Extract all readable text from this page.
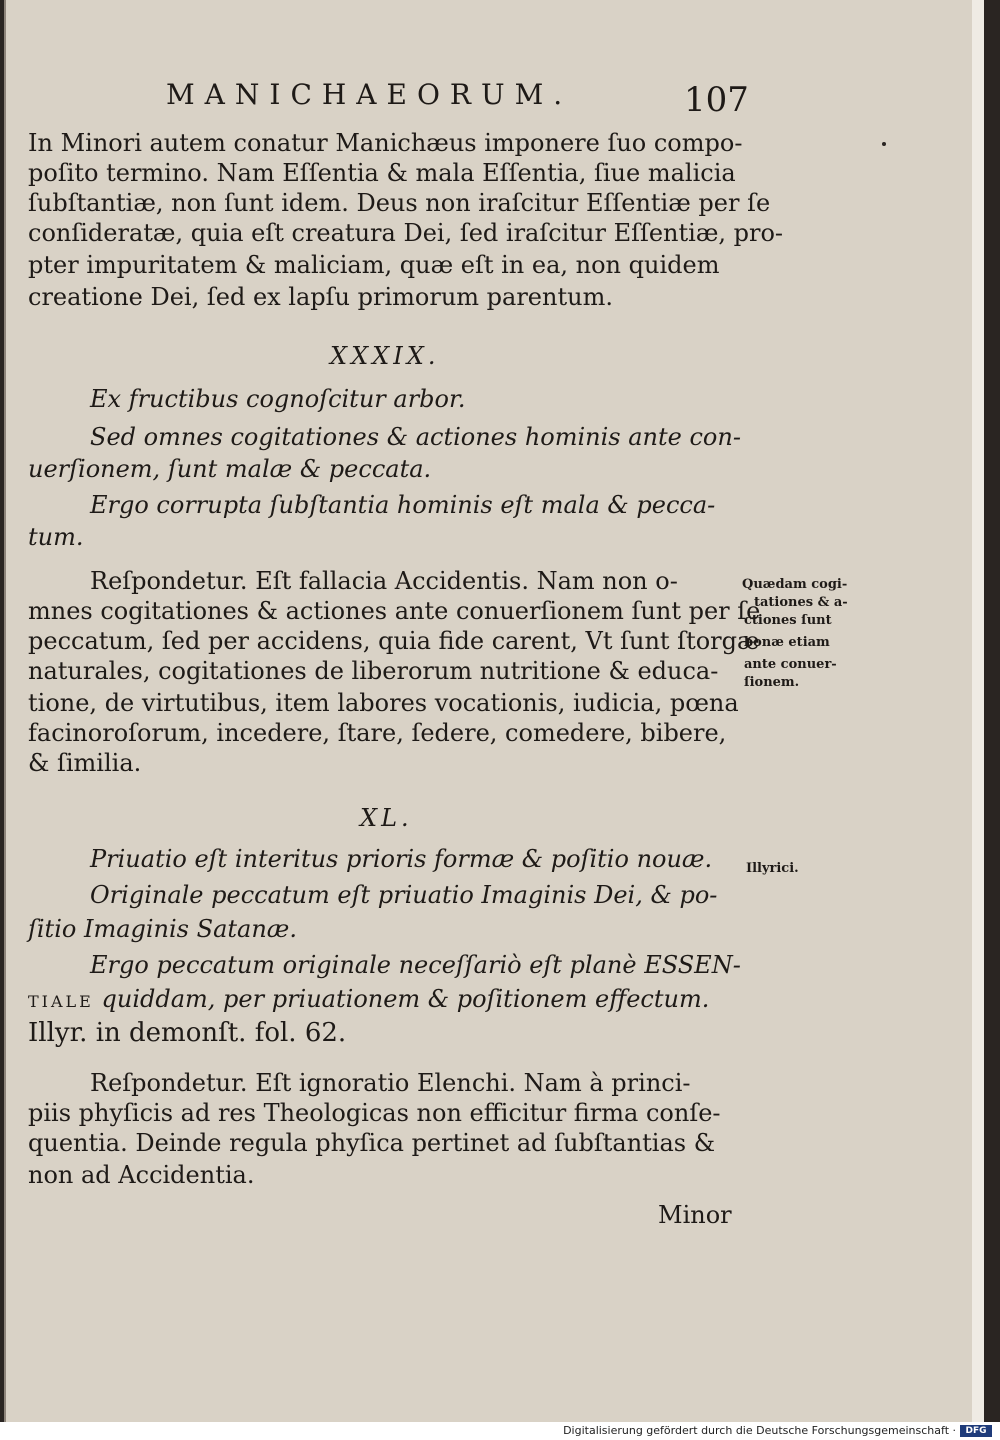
MANICHAEORUM.	107
In Minori autem conatur Manichæus imponere ſuo compo-
poſito termino. Nam Eſſentia & mala Eſſentia, ſiue malicia
ſubſtantiæ, non ſunt idem. Deus non iraſcitur Eſſentiæ per ſe
conſideratæ, quia eſt creatura Dei, ſed iraſcitur Eſſentiæ, pro-
pter impuritatem & maliciam, quæ eſt in ea, non quidem
creatione Dei, ſed ex lapſu primorum parentum.
XXXIX.
Ex fructibus cognoſcitur arbor.
Sed omnes cogitationes & actiones hominis ante con-
uerſionem, ſunt malæ & peccata.
Ergo corrupta ſubſtantia hominis eſt mala & pecca-
tum.
Reſpondetur. Eſt fallacia Accidentis. Nam non o-
mnes cogitationes & actiones ante conuerſionem ſunt per ſe
peccatum, ſed per accidens, quia fide carent, Vt ſunt ſtorgæ
naturales, cogitationes de liberorum nutritione & educa-
tione, de virtutibus, item labores vocationis, iudicia, pœna
facinoroſorum, incedere, ſtare, ſedere, comedere, bibere,
& ſimilia.
Quædam cogi-
tationes & a-
ctiones ſunt
bonæ etiam
ante conuer-
ſionem.
XL.
Priuatio eſt interitus prioris formæ & poſitio nouæ.
Originale peccatum eſt priuatio Imaginis Dei, & po-
ſitio Imaginis Satanæ.
Ergo peccatum originale neceſſariò eſt planè ESSEN-
TIALE quiddam, per priuationem & poſitionem effectum.
Illyr. in demonſt. fol. 62.
Illyrici.
Reſpondetur. Eſt ignoratio Elenchi. Nam à princi-
piis phyſicis ad res Theologicas non efficitur firma conſe-
quentia. Deinde regula phyſica pertinet ad ſubſtantias &
non ad Accidentia.
Minor
Digitalisierung gefördert durch die Deutsche Forschungsgemeinschaft ·	DFG
